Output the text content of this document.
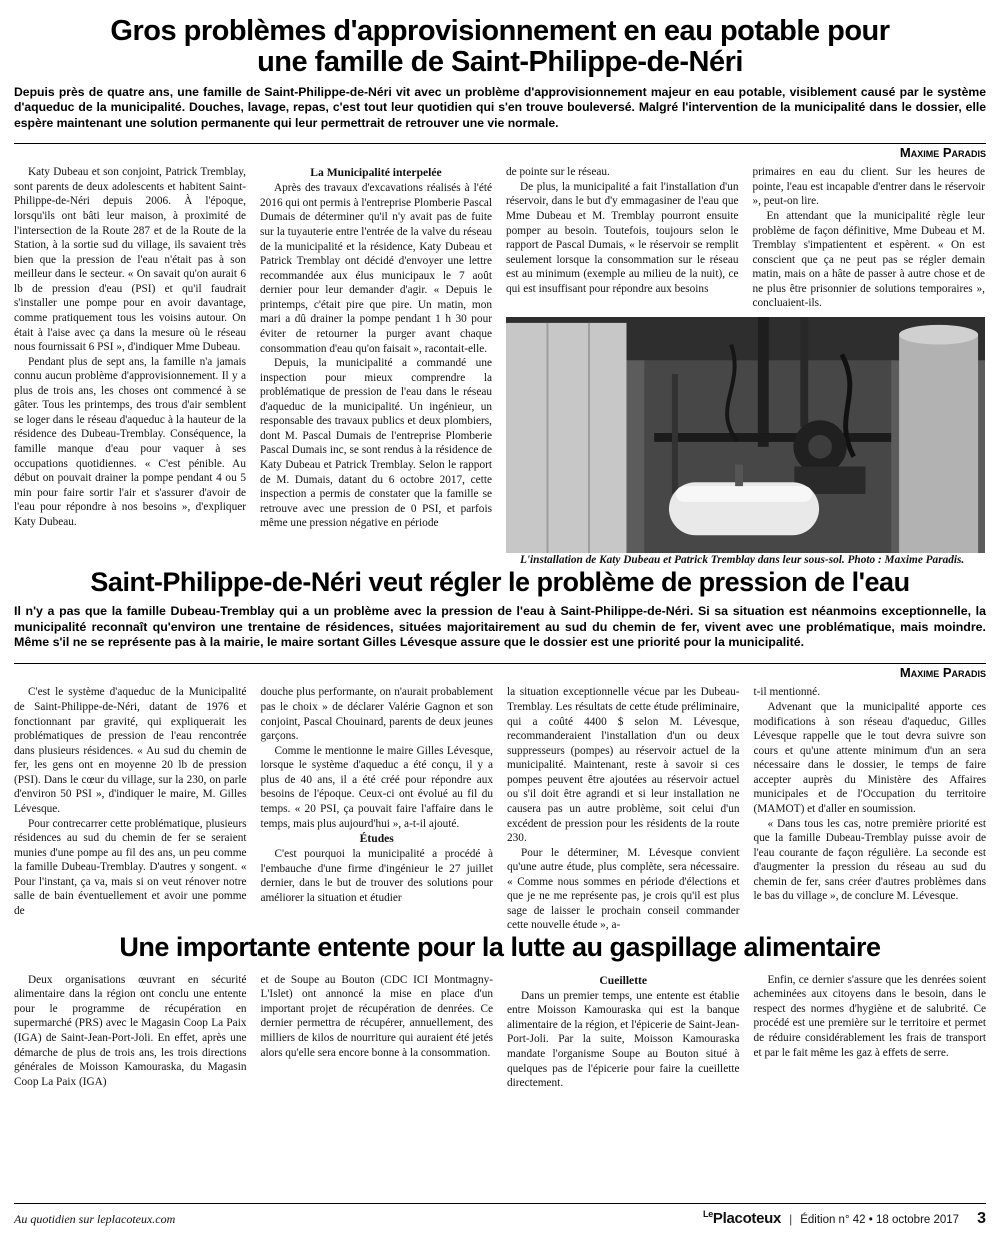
Gros problèmes d'approvisionnement en eau potable pour une famille de Saint-Philippe-de-Néri

Depuis près de quatre ans, une famille de Saint-Philippe-de-Néri vit avec un problème d'approvisionnement majeur en eau potable, visiblement causé par le système d'aqueduc de la municipalité. Douches, lavage, repas, c'est tout leur quotidien qui s'en trouve bouleversé. Malgré l'intervention de la municipalité dans le dossier, elle espère maintenant une solution permanente qui leur permettrait de retrouver une vie normale.

Maxime Paradis

Katy Dubeau et son conjoint, Patrick Tremblay, sont parents de deux adolescents et habitent Saint-Philippe-de-Néri depuis 2006. À l'époque, lorsqu'ils ont bâti leur maison, à proximité de l'intersection de la Route 287 et de la Route de la Station, à la sortie sud du village, ils savaient très bien que la pression de l'eau n'était pas à son meilleur dans le secteur. « On savait qu'on aurait 6 lb de pression d'eau (PSI) et qu'il faudrait s'installer une pompe pour en avoir davantage, comme pratiquement tous les voisins autour. On était à l'aise avec ça dans la mesure où le réseau nous fournissait 6 PSI », d'indiquer Mme Dubeau.

Pendant plus de sept ans, la famille n'a jamais connu aucun problème d'approvisionnement. Il y a plus de trois ans, les choses ont commencé à se gâter. Tous les printemps, des trous d'air semblent se loger dans le réseau d'aqueduc à la hauteur de la résidence des Dubeau-Tremblay. Conséquence, la famille manque d'eau pour vaquer à ses occupations quotidiennes. « C'est pénible. Au début on pouvait drainer la pompe pendant 4 ou 5 min pour faire sortir l'air et s'assurer d'avoir de l'eau pour répondre à nos besoins », d'expliquer Katy Dubeau.

La Municipalité interpelée

Après des travaux d'excavations réalisés à l'été 2016 qui ont permis à l'entreprise Plomberie Pascal Dumais de déterminer qu'il n'y avait pas de fuite sur la tuyauterie entre l'entrée de la valve du réseau de la municipalité et la résidence, Katy Dubeau et Patrick Tremblay ont décidé d'envoyer une lettre recommandée aux élus municipaux le 7 août dernier pour leur demander d'agir. « Depuis le printemps, c'était pire que pire. Un matin, mon mari a dû drainer la pompe pendant 1 h 30 pour éviter de retourner la purger avant chaque consommation d'eau qu'on faisait », racontait-elle.

Depuis, la municipalité a commandé une inspection pour mieux comprendre la problématique de pression de l'eau dans le réseau d'aqueduc de la municipalité. Un ingénieur, un responsable des travaux publics et deux plombiers, dont M. Pascal Dumais de l'entreprise Plomberie Pascal Dumais inc, se sont rendus à la résidence de Katy Dubeau et Patrick Tremblay. Selon le rapport de M. Dumais, datant du 6 octobre 2017, cette inspection a permis de constater que la famille se retrouve avec une pression de 0 PSI, et parfois même une pression négative en période

de pointe sur le réseau.

De plus, la municipalité a fait l'installation d'un réservoir, dans le but d'y emmagasiner de l'eau que Mme Dubeau et M. Tremblay pourront ensuite pomper au besoin. Toutefois, toujours selon le rapport de Pascal Dumais, « le réservoir se remplit seulement lorsque la consommation sur le réseau est au minimum (exemple au milieu de la nuit), ce qui est insuffisant pour répondre aux besoins

primaires en eau du client. Sur les heures de pointe, l'eau est incapable d'entrer dans le réservoir », peut-on lire.

En attendant que la municipalité règle leur problème de façon définitive, Mme Dubeau et M. Tremblay s'impatientent et espèrent. « On est conscient que ça ne peut pas se régler demain matin, mais on a hâte de passer à autre chose et de ne plus être prisonnier de solutions temporaires », concluaient-ils.

L'installation de Katy Dubeau et Patrick Tremblay dans leur sous-sol. Photo : Maxime Paradis.

Saint-Philippe-de-Néri veut régler le problème de pression de l'eau

Il n'y a pas que la famille Dubeau-Tremblay qui a un problème avec la pression de l'eau à Saint-Philippe-de-Néri. Si sa situation est néanmoins exceptionnelle, la municipalité reconnaît qu'environ une trentaine de résidences, situées majoritairement au sud du chemin de fer, vivent avec une problématique, mais moindre. Même s'il ne se représente pas à la mairie, le maire sortant Gilles Lévesque assure que le dossier est une priorité pour la municipalité.

Maxime Paradis

C'est le système d'aqueduc de la Municipalité de Saint-Philippe-de-Néri, datant de 1976 et fonctionnant par gravité, qui expliquerait les problématiques de pression de l'eau rencontrée dans plusieurs résidences. « Au sud du chemin de fer, les gens ont en moyenne 20 lb de pression (PSI). Dans le cœur du village, sur la 230, on parle d'environ 50 PSI », d'indiquer le maire, M. Gilles Lévesque.

Pour contrecarrer cette problématique, plusieurs résidences au sud du chemin de fer se seraient munies d'une pompe au fil des ans, un peu comme la famille Dubeau-Tremblay. D'autres y songent. « Pour l'instant, ça va, mais si on veut rénover notre salle de bain éventuellement et avoir une pomme de

douche plus performante, on n'aurait probablement pas le choix » de déclarer Valérie Gagnon et son conjoint, Pascal Chouinard, parents de deux jeunes garçons.

Comme le mentionne le maire Gilles Lévesque, lorsque le système d'aqueduc a été conçu, il y a plus de 40 ans, il a été créé pour répondre aux besoins de l'époque. Ceux-ci ont évolué au fil du temps. « 20 PSI, ça pouvait faire l'affaire dans le temps, mais plus aujourd'hui », a-t-il ajouté.

Études

C'est pourquoi la municipalité a procédé à l'embauche d'une firme d'ingénieur le 27 juillet dernier, dans le but de trouver des solutions pour améliorer la situation et étudier

la situation exceptionnelle vécue par les Dubeau-Tremblay. Les résultats de cette étude préliminaire, qui a coûté 4400 $ selon M. Lévesque, recommanderaient l'installation d'un ou deux suppresseurs (pompes) au réservoir actuel de la municipalité. Maintenant, reste à savoir si ces pompes peuvent être ajoutées au réservoir actuel ou s'il doit être agrandi et si leur installation ne causera pas un autre problème, soit celui d'un excédent de pression pour les résidents de la route 230.

Pour le déterminer, M. Lévesque convient qu'une autre étude, plus complète, sera nécessaire. « Comme nous sommes en période d'élections et que je ne me représente pas, je crois qu'il est plus sage de laisser le prochain conseil commander cette nouvelle étude », a-

t-il mentionné.

Advenant que la municipalité apporte ces modifications à son réseau d'aqueduc, Gilles Lévesque rappelle que le tout devra suivre son cours et qu'une attente minimum d'un an sera nécessaire dans le dossier, le temps de faire accepter auprès du Ministère des Affaires municipales et de l'Occupation du territoire (MAMOT) et d'aller en soumission.

« Dans tous les cas, notre première priorité est que la famille Dubeau-Tremblay puisse avoir de l'eau courante de façon régulière. La seconde est d'augmenter la pression du réseau au sud du chemin de fer, sans créer d'autres problèmes dans le bas du village », de conclure M. Lévesque.

Une importante entente pour la lutte au gaspillage alimentaire

Deux organisations œuvrant en sécurité alimentaire dans la région ont conclu une entente pour le programme de récupération en supermarché (PRS) avec le Magasin Coop La Paix (IGA) de Saint-Jean-Port-Joli. En effet, après une démarche de plus de trois ans, les trois directions générales de Moisson Kamouraska, du Magasin Coop La Paix (IGA)

et de Soupe au Bouton (CDC ICI Montmagny-L'Islet) ont annoncé la mise en place d'un important projet de récupération de denrées. Ce dernier permettra de récupérer, annuellement, des milliers de kilos de nourriture qui auraient été jetés alors qu'elle sera encore bonne à la consommation.

Cueillette

Dans un premier temps, une entente est établie entre Moisson Kamouraska qui est la banque alimentaire de la région, et l'épicerie de Saint-Jean-Port-Joli. Par la suite, Moisson Kamouraska mandate l'organisme Soupe au Bouton situé à quelques pas de l'épicerie pour faire la cueillette directement.

Enfin, ce dernier s'assure que les denrées soient acheminées aux citoyens dans le besoin, dans le respect des normes d'hygiène et de salubrité. Ce procédé est une première sur le territoire et permet de réduire considérablement les frais de transport et par le fait même les gaz à effets de serre.

Au quotidien sur leplacoteux.com	$^{Le}$Placoteux | Édition n° 42 • 18 octobre 2017 3
